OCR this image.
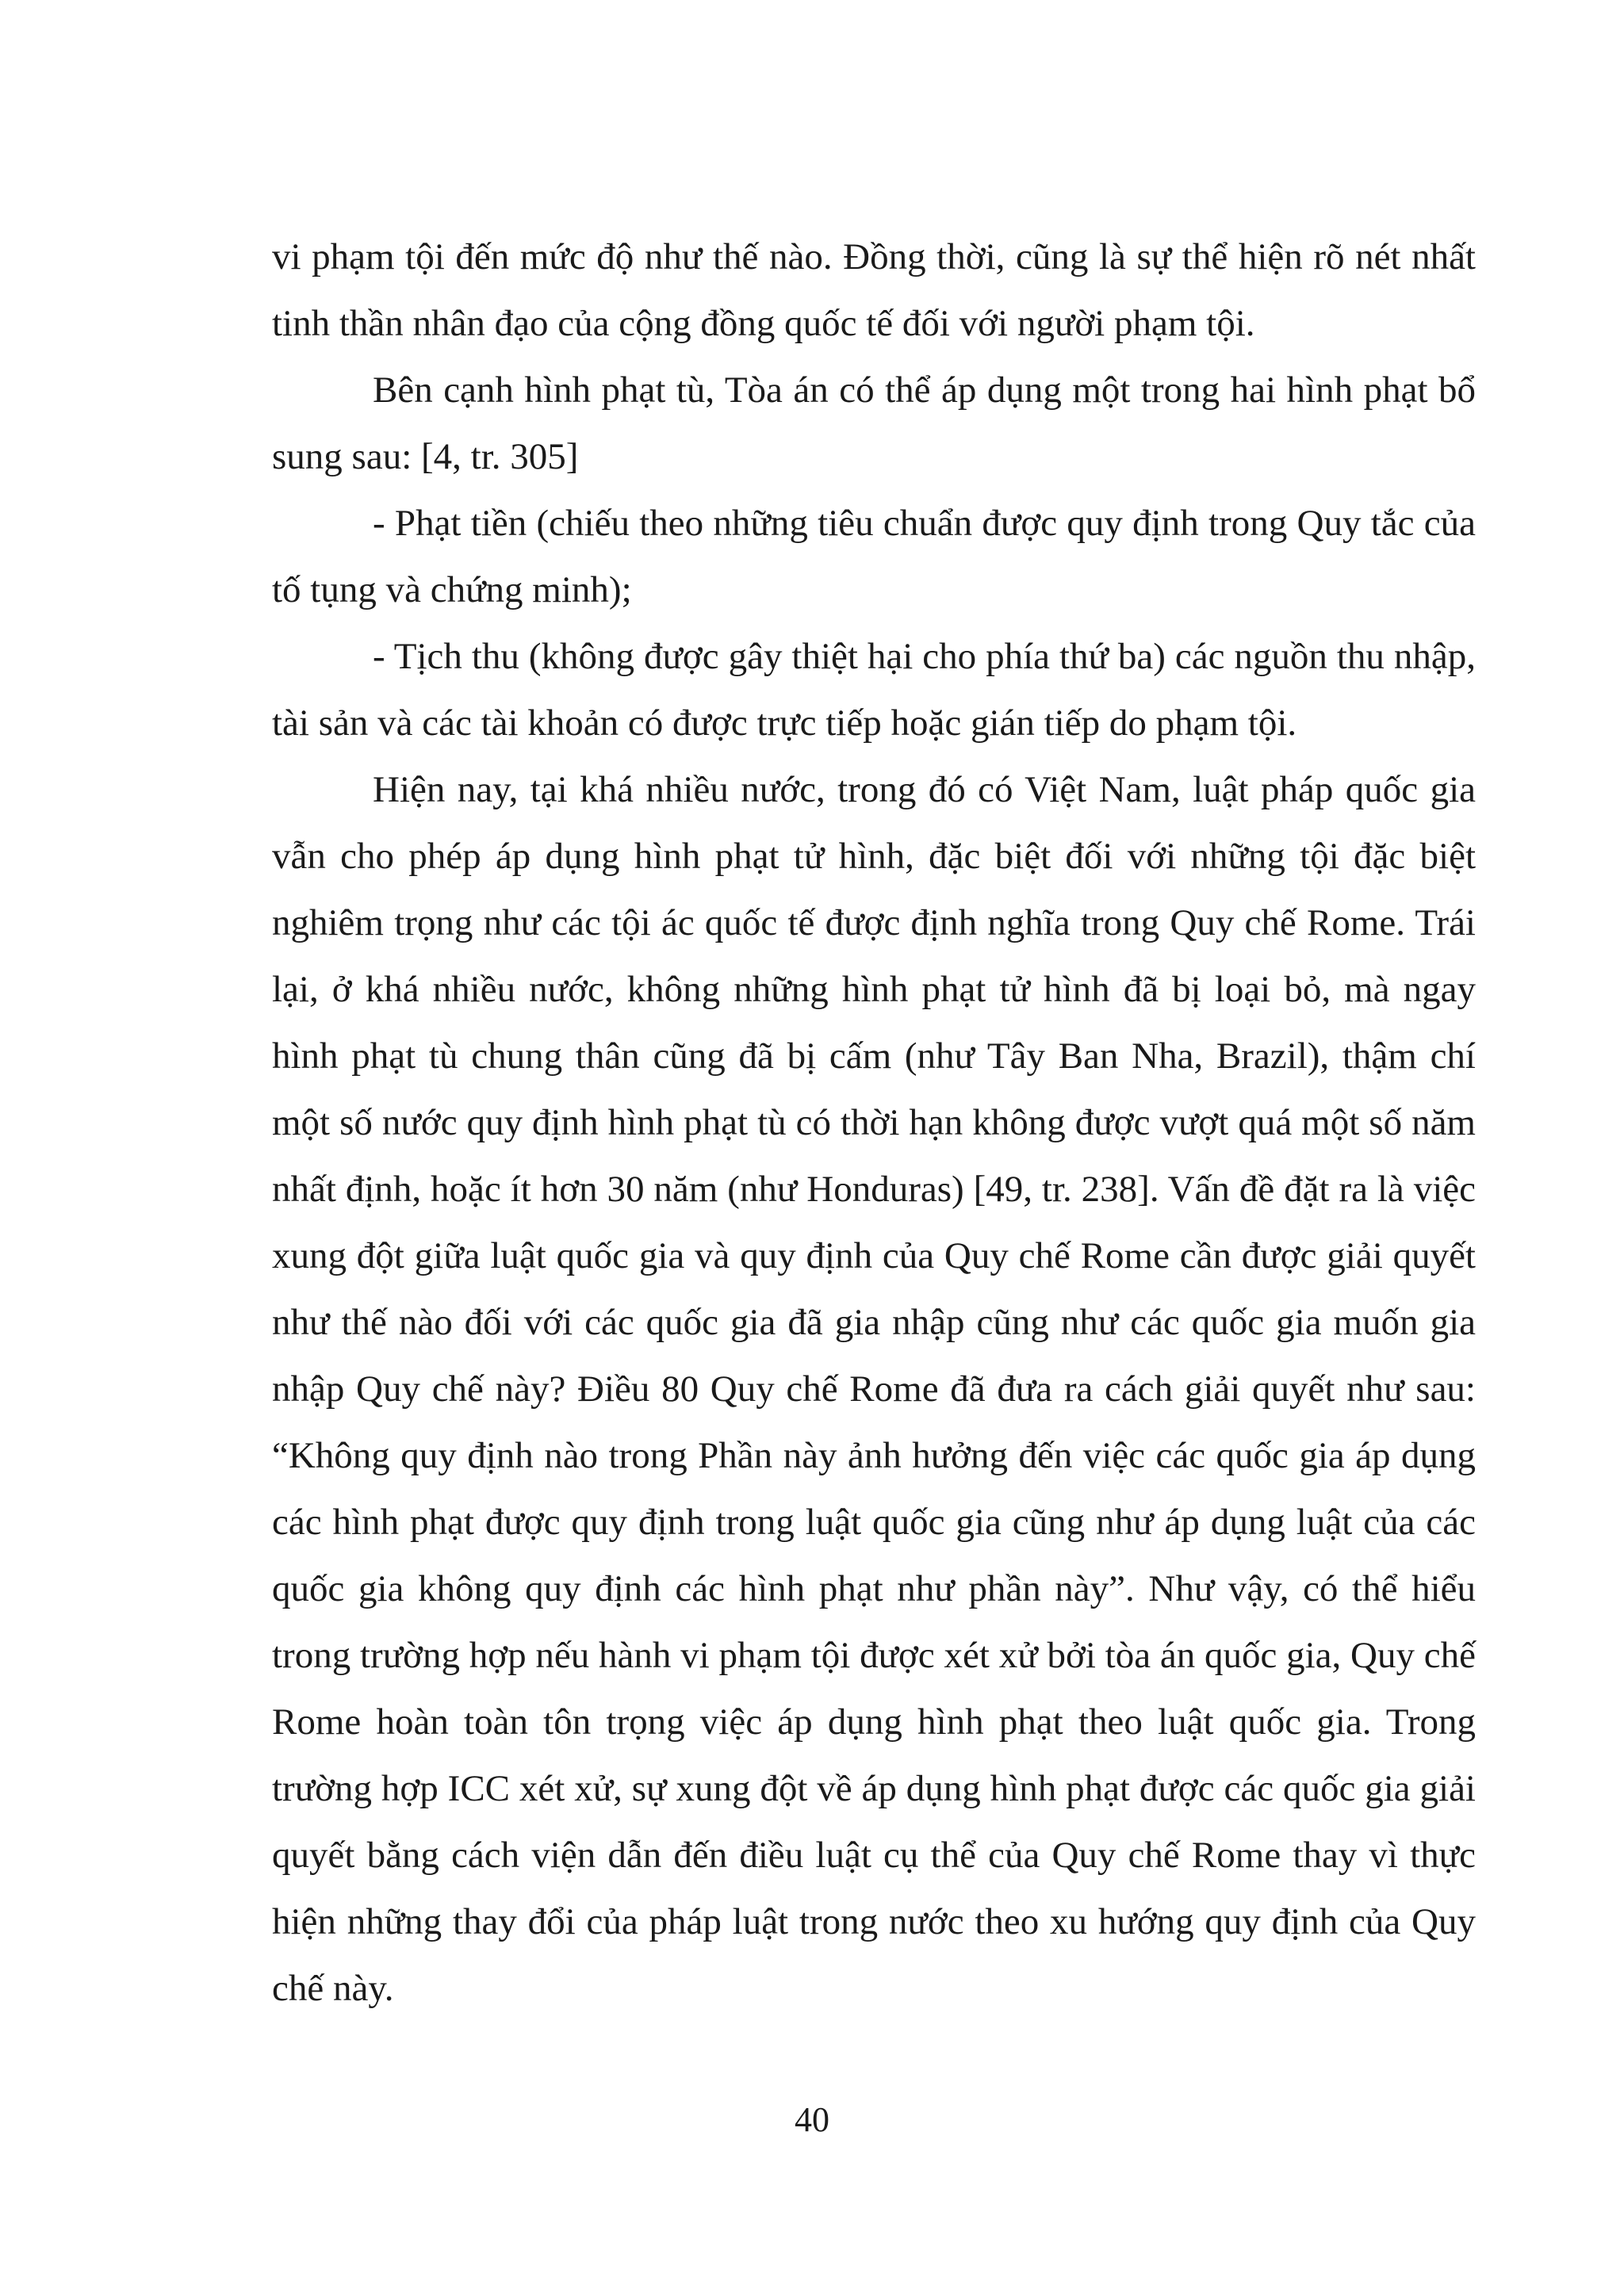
vi phạm tội đến mức độ như thế nào. Đồng thời, cũng là sự thể hiện rõ nét nhất tinh thần nhân đạo của cộng đồng quốc tế đối với người phạm tội.

Bên cạnh hình phạt tù, Tòa án có thể áp dụng một trong hai hình phạt bổ sung sau: [4, tr. 305]

- Phạt tiền (chiếu theo những tiêu chuẩn được quy định trong Quy tắc của tố tụng và chứng minh);

- Tịch thu (không được gây thiệt hại cho phía thứ ba) các nguồn thu nhập, tài sản và các tài khoản có được trực tiếp hoặc gián tiếp do phạm tội.

Hiện nay, tại khá nhiều nước, trong đó có Việt Nam, luật pháp quốc gia vẫn cho phép áp dụng hình phạt tử hình, đặc biệt đối với những tội đặc biệt nghiêm trọng như các tội ác quốc tế được định nghĩa trong Quy chế Rome. Trái lại, ở khá nhiều nước, không những hình phạt tử hình đã bị loại bỏ, mà ngay hình phạt tù chung thân cũng đã bị cấm (như Tây Ban Nha, Brazil), thậm chí một số nước quy định hình phạt tù có thời hạn không được vượt quá một số năm nhất định, hoặc ít hơn 30 năm (như Honduras) [49, tr. 238]. Vấn đề đặt ra là việc xung đột giữa luật quốc gia và quy định của Quy chế Rome cần được giải quyết như thế nào đối với các quốc gia đã gia nhập cũng như các quốc gia muốn gia nhập Quy chế này? Điều 80 Quy chế Rome đã đưa ra cách giải quyết như sau: “Không quy định nào trong Phần này ảnh hưởng đến việc các quốc gia áp dụng các hình phạt được quy định trong luật quốc gia cũng như áp dụng luật của các quốc gia không quy định các hình phạt như phần này”. Như vậy, có thể hiểu trong trường hợp nếu hành vi phạm tội được xét xử bởi tòa án quốc gia, Quy chế Rome hoàn toàn tôn trọng việc áp dụng hình phạt theo luật quốc gia. Trong trường hợp ICC xét xử, sự xung đột về áp dụng hình phạt được các quốc gia giải quyết bằng cách viện dẫn đến điều luật cụ thể của Quy chế Rome thay vì thực hiện những thay đổi của pháp luật trong nước theo xu hướng quy định của Quy chế này.

40
